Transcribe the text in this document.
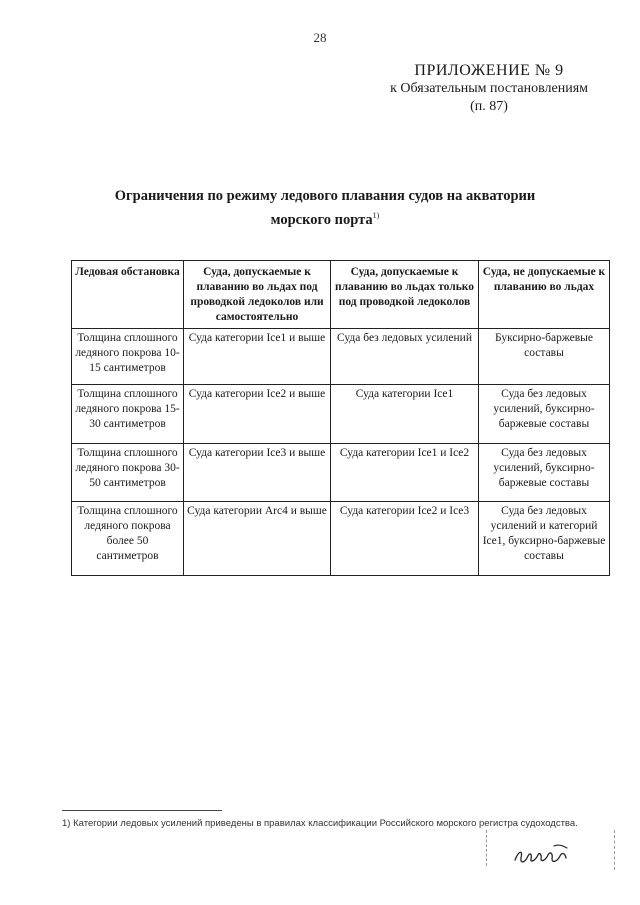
28
ПРИЛОЖЕНИЕ № 9
к Обязательным постановлениям
(п. 87)
Ограничения по режиму ледового плавания судов на акватории морского порта$^{1)}$
Ледовая обстановка	Суда, допускаемые к плаванию во льдах под проводкой ледоколов или самостоятельно	Суда, допускаемые к плаванию во льдах только под проводкой ледоколов	Суда, не допускаемые к плаванию во льдах
Толщина сплошного ледяного покрова 10-15 сантиметров	Суда категории Ice1 и выше	Суда без ледовых усилений	Буксирно-баржевые составы
Толщина сплошного ледяного покрова 15-30 сантиметров	Суда категории Ice2 и выше	Суда категории Ice1	Суда без ледовых усилений, буксирно-баржевые составы
Толщина сплошного ледяного покрова 30-50 сантиметров	Суда категории Ice3 и выше	Суда категории Ice1 и Ice2	Суда без ледовых усилений, буксирно-баржевые составы
Толщина сплошного ледяного покрова более 50 сантиметров	Суда категории Arc4 и выше	Суда категории Ice2 и Ice3	Суда без ледовых усилений и категорий Ice1, буксирно-баржевые составы
1) Категории ледовых усилений приведены в правилах классификации Российского морского регистра судоходства.
